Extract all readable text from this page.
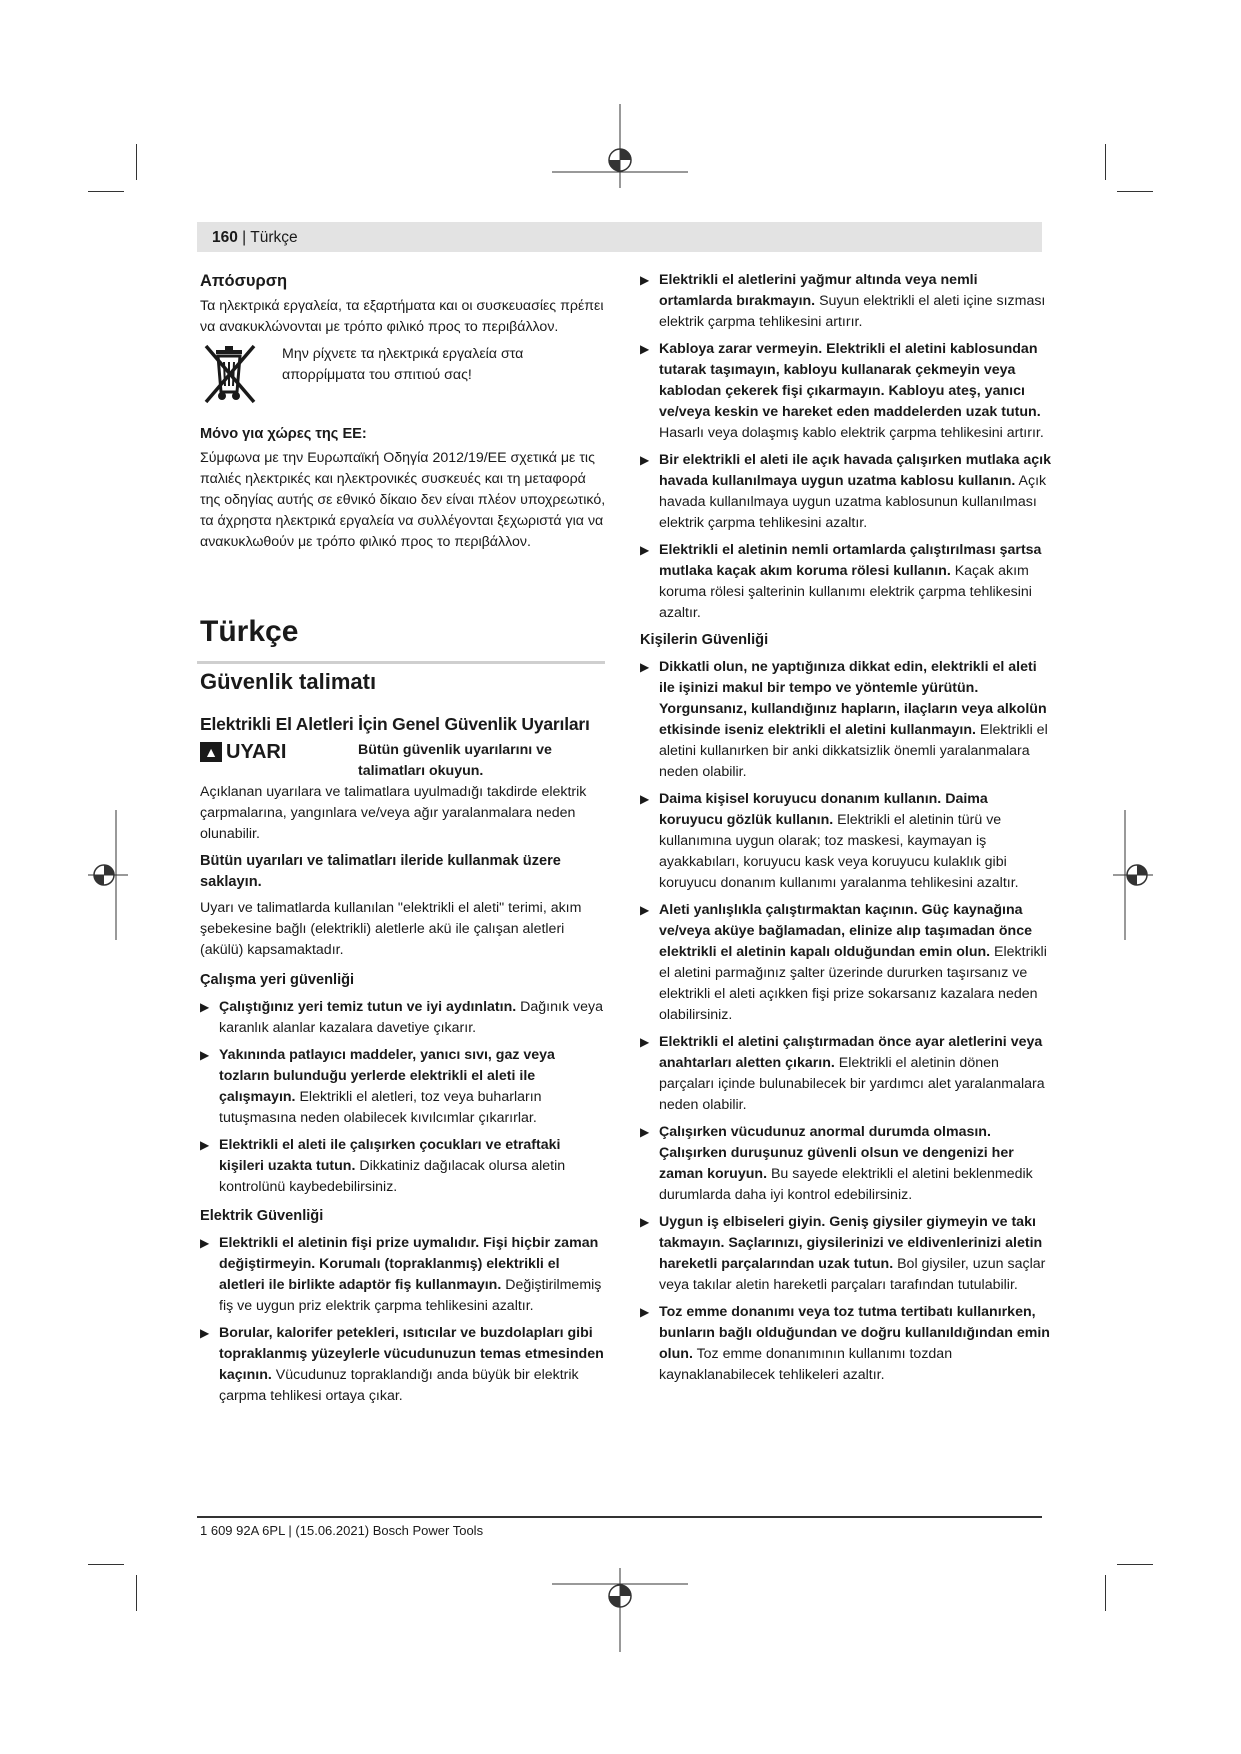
160 | Türkçe
Απόσυρση

Τα ηλεκτρικά εργαλεία, τα εξαρτήματα και οι συσκευασίες πρέπει να ανακυκλώνονται με τρόπο φιλικό προς το περιβάλλον.

Μην ρίχνετε τα ηλεκτρικά εργαλεία στα απορρίμματα του σπιτιού σας!

Μόνο για χώρες της ΕΕ:

Σύμφωνα με την Ευρωπαϊκή Οδηγία 2012/19/ΕΕ σχετικά με τις παλιές ηλεκτρικές και ηλεκτρονικές συσκευές και τη μεταφορά της οδηγίας αυτής σε εθνικό δίκαιο δεν είναι πλέον υποχρεωτικό, τα άχρηστα ηλεκτρικά εργαλεία να συλλέγονται ξεχωριστά για να ανακυκλωθούν με τρόπο φιλικό προς το περιβάλλον.

Türkçe
Güvenlik talimatı
Elektrikli El Aletleri İçin Genel Güvenlik Uyarıları
▲ UYARI	Bütün güvenlik uyarılarını ve talimatları okuyun.

Açıklanan uyarılara ve talimatlara uyulmadığı takdirde elektrik çarpmalarına, yangınlara ve/veya ağır yaralanmalara neden olunabilir.

Bütün uyarıları ve talimatları ileride kullanmak üzere saklayın.

Uyarı ve talimatlarda kullanılan "elektrikli el aleti" terimi, akım şebekesine bağlı (elektrikli) aletlerle akü ile çalışan aletleri (akülü) kapsamaktadır.

Çalışma yeri güvenliği

▶ Çalıştığınız yeri temiz tutun ve iyi aydınlatın. Dağınık veya karanlık alanlar kazalara davetiye çıkarır.

▶ Yakınında patlayıcı maddeler, yanıcı sıvı, gaz veya tozların bulunduğu yerlerde elektrikli el aleti ile çalışmayın. Elektrikli el aletleri, toz veya buharların tutuşmasına neden olabilecek kıvılcımlar çıkarırlar.

▶ Elektrikli el aleti ile çalışırken çocukları ve etraftaki kişileri uzakta tutun. Dikkatiniz dağılacak olursa aletin kontrolünü kaybedebilirsiniz.

Elektrik Güvenliği

▶ Elektrikli el aletinin fişi prize uymalıdır. Fişi hiçbir zaman değiştirmeyin. Korumalı (topraklanmış) elektrikli el aletleri ile birlikte adaptör fiş kullanmayın. Değiştirilmemiş fiş ve uygun priz elektrik çarpma tehlikesini azaltır.

▶ Borular, kalorifer petekleri, ısıtıcılar ve buzdolapları gibi topraklanmış yüzeylerle vücudunuzun temas etmesinden kaçının. Vücudunuz topraklandığı anda büyük bir elektrik çarpma tehlikesi ortaya çıkar.

▶ Elektrikli el aletlerini yağmur altında veya nemli ortamlarda bırakmayın. Suyun elektrikli el aleti içine sızması elektrik çarpma tehlikesini artırır.

▶ Kabloya zarar vermeyin. Elektrikli el aletini kablosundan tutarak taşımayın, kabloyu kullanarak çekmeyin veya kablodan çekerek fişi çıkarmayın. Kabloyu ateş, yanıcı ve/veya keskin ve hareket eden maddelerden uzak tutun. Hasarlı veya dolaşmış kablo elektrik çarpma tehlikesini artırır.

▶ Bir elektrikli el aleti ile açık havada çalışırken mutlaka açık havada kullanılmaya uygun uzatma kablosu kullanın. Açık havada kullanılmaya uygun uzatma kablosunun kullanılması elektrik çarpma tehlikesini azaltır.

▶ Elektrikli el aletinin nemli ortamlarda çalıştırılması şartsa mutlaka kaçak akım koruma rölesi kullanın. Kaçak akım koruma rölesi şalterinin kullanımı elektrik çarpma tehlikesini azaltır.

Kişilerin Güvenliği

▶ Dikkatli olun, ne yaptığınıza dikkat edin, elektrikli el aleti ile işinizi makul bir tempo ve yöntemle yürütün. Yorgunsanız, kullandığınız hapların, ilaçların veya alkolün etkisinde iseniz elektrikli el aletini kullanmayın. Elektrikli el aletini kullanırken bir anki dikkatsizlik önemli yaralanmalara neden olabilir.

▶ Daima kişisel koruyucu donanım kullanın. Daima koruyucu gözlük kullanın. Elektrikli el aletinin türü ve kullanımına uygun olarak; toz maskesi, kaymayan iş ayakkabıları, koruyucu kask veya koruyucu kulaklık gibi koruyucu donanım kullanımı yaralanma tehlikesini azaltır.

▶ Aleti yanlışlıkla çalıştırmaktan kaçının. Güç kaynağına ve/veya aküye bağlamadan, elinize alıp taşımadan önce elektrikli el aletinin kapalı olduğundan emin olun. Elektrikli el aletini parmağınız şalter üzerinde dururken taşırsanız ve elektrikli el aleti açıkken fişi prize sokarsanız kazalara neden olabilirsiniz.

▶ Elektrikli el aletini çalıştırmadan önce ayar aletlerini veya anahtarları aletten çıkarın. Elektrikli el aletinin dönen parçaları içinde bulunabilecek bir yardımcı alet yaralanmalara neden olabilir.

▶ Çalışırken vücudunuz anormal durumda olmasın. Çalışırken duruşunuz güvenli olsun ve dengenizi her zaman koruyun. Bu sayede elektrikli el aletini beklenmedik durumlarda daha iyi kontrol edebilirsiniz.

▶ Uygun iş elbiseleri giyin. Geniş giysiler giymeyin ve takı takmayın. Saçlarınızı, giysilerinizi ve eldivenlerinizi aletin hareketli parçalarından uzak tutun. Bol giysiler, uzun saçlar veya takılar aletin hareketli parçaları tarafından tutulabilir.

▶ Toz emme donanımı veya toz tutma tertibatı kullanırken, bunların bağlı olduğundan ve doğru kullanıldığından emin olun. Toz emme donanımının kullanımı tozdan kaynaklanabilecek tehlikeleri azaltır.

1 609 92A 6PL | (15.06.2021) Bosch Power Tools
